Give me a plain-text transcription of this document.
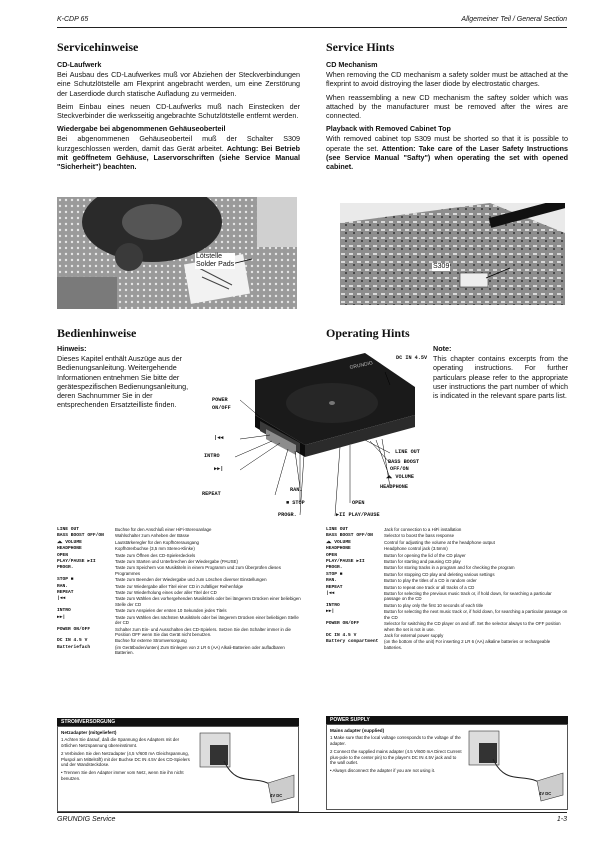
K-CDP 65	Allgemeiner Teil / General Section
Servicehinweise
CD-Laufwerk

Bei Ausbau des CD-Laufwerkes muß vor Abziehen der Steckverbindungen eine Schutzlötstelle am Flexprint angebracht werden, um eine Zerstörung der Laserdiode durch statische Aufladung zu vermeiden.

Beim Einbau eines neuen CD-Laufwerks muß nach Einstecken der Steckverbinder die werksseitig angebrachte Schutzlötstelle entfernt werden.

Wiedergabe bei abgenommenen Gehäuseoberteil

Bei abgenommenen Gehäuseoberteil muß der Schalter S309 kurzgeschlossen werden, damit das Gerät arbeitet. Achtung: Bei Betrieb mit geöffnetem Gehäuse, Laservorschriften (siehe Service Manual "Sicherheit") beachten.

Service Hints
CD Mechanism

When removing the CD mechanism a safety solder must be attached at the flexprint to avoid distroying the laser diode by electrostatic charges.

When reassembling a new CD mechanism the saftey solder which was attached by the manufacturer must be removed after the wires are connected.

Playback with Removed Cabinet Top

With removed cabinet top S309 must be shorted so that it is possible to operate the set. Attention: Take care of the Laser Safety Instructions (see Service Manual "Safty") when operating the set with opened cabinet.

Lötstelle
Solder Pads	S309
Bedienhinweise	Operating Hints
Hinweis:

Dieses Kapitel enthält Auszüge aus der Bedienungsanleitung. Weitergehende Informationen entnehmen Sie bitte der gerätespezifischen Bedienungsanleitung, deren Sachnummer Sie in der entsprechenden Ersatzteilliste finden.

Note:

This chapter contains excerpts from the operating instructions. For further particulars please refer to the appropriate user instructions the part number of which is indicated in the relevant spare parts list.

GRUNDIG
DC IN 4.5V
POWER
ON/OFF
|◀◀
INTRO
▶▶|
REPEAT
RAN.
■ STOP
PROGR.
LINE OUT
BASS BOOST
OFF/ON
◢◣ VOLUME
HEADPHONE
OPEN
▶II PLAY/PAUSE
LINE OUT	Buchse für den Anschluß einer HiFi-Stereoanlage
BASS BOOST OFF/ON	Wahlschalter zum Anheben der Bässe
◢◣ VOLUME	Lautstärkeregler für den Kopfhörerausgang
HEADPHONE	Kopfhörerbuchse (3,5 mm Stereo-Klinke)
OPEN	Taste zum Öffnen des CD-Spielerdeckels
PLAY/PAUSE ▶II	Taste zum Starten und Unterbrechen der Wiedergabe (PAUSE)
PROGR.	Taste zum Speichern von Musiktiteln in einem Programm und zum Überprüfen dieses Programmes
STOP ■	Taste zum Beenden der Wiedergabe und zum Löschen diverser Einstellungen
RAN.	Taste zur Wiedergabe aller Titel einer CD in zufälliger Reihenfolge
REPEAT	Taste zur Wiederholung eines oder aller Titel der CD
|◀◀	Taste zum Wählen des vorhergehenden Musiktitels oder bei längerem Drücken einer beliebigen Stelle der CD
INTRO	Taste zum Anspielen der ersten 10 Sekunden jedes Titels
▶▶|	Taste zum Wählen des nächsten Musiktitels oder bei längerem Drücken einer beliebigen Stelle der CD
POWER ON/OFF	Schalter zum Ein- und Ausschalten des CD-Spielers. Setzen Sie den Schalter immer in die Position OFF wenn Sie das Gerät nicht benutzen.
DC IN 4.5 V	Buchse für externe Stromversorgung
Batteriefach	(im Gerätboden/unten) Zum Einlegen von 2 LR 6 (AA) Alkali-Batterien oder aufladbaren Batterien.
LINE OUT	Jack for connection to a HiFi installation
BASS BOOST OFF/ON	Selector to boost the bass response
◢◣ VOLUME	Control for adjusting the volume at the headphone output
HEADPHONE	Headphone control jack (3.5mm)
OPEN	Button for opening the lid of the CD player
PLAY/PAUSE ▶II	Button for starting and pausing CD play
PROGR.	Button for storing tracks in a program and for checking the program
STOP ■	Button for stopping CD play and deleting various settings
RAN.	Button to play the titles of a CD in random order
REPEAT	Button to repeat one track or all tracks of a CD
|◀◀	Button for selecting the previous music track or, if hold down, for searching a particular passage on the CD
INTRO	Button to play only the first 10 seconds of each title
▶▶|	Button for selecting the next music track or, if hold down, for searching a particular passage on the CD
POWER ON/OFF	Selector for switching the CD player on and off. Set the selector always to the OFF position when the set is not in use.
DC IN 4.5 V	Jack for external power supply
Battery compartment	(on the bottom of the unit) For inserting 2 LR 6 (AA) alkaline batteries or rechargeable batteries.
STROMVERSORGUNG
Netzadapter (mitgeliefert)
1 Achten Sie darauf, daß die Spannung des Adapters mit der örtlichen Netzspannung übereinstimmt.
2 Verbinden Sie den Netzadapter (4,5 V/600 mA Gleichspannung, Pluspol am Mittelstift) mit der Buchse DC IN 4.5V des CD-Spielers und der Wandsteckdose.
• Trennen Sie den Adapter immer vom Netz, wenn Sie ihn nicht benutzen.
4V DC
POWER SUPPLY
Mains adapter (supplied)
1 Make sure that the local voltage corresponds to the voltage of the adapter.
2 Connect the supplied mains adapter (4.5 V/600 mA Direct Current plus-pole to the center pin) to the player's DC IN 4.5V jack and to the wall outlet.
• Always disconnect the adapter if you are not using it.
4V DC
GRUNDIG Service	1-3
